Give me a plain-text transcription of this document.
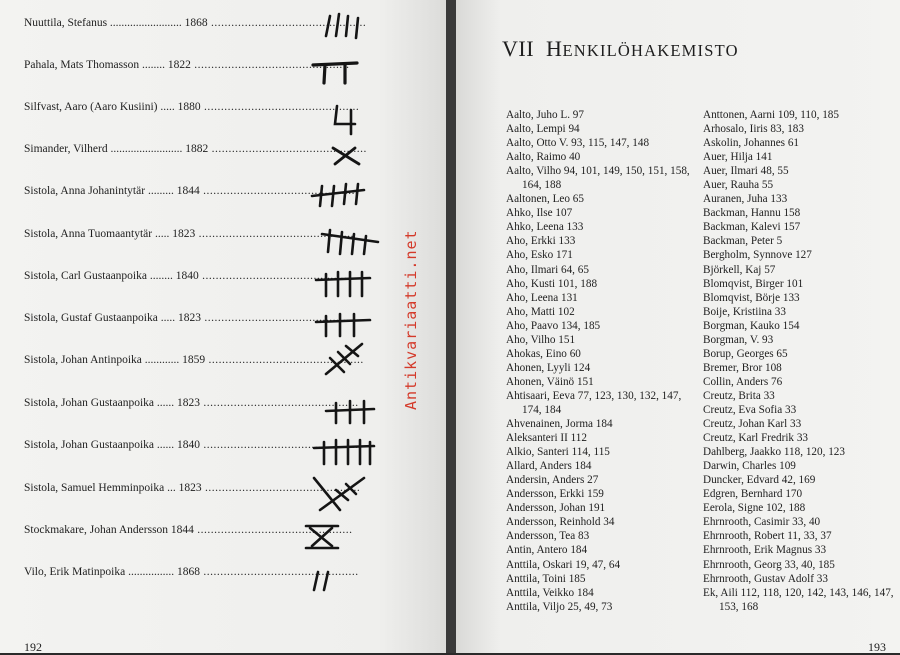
Nuuttila, Stefanus ......................... 1868 ..............................................
Pahala, Mats Thomasson ........ 1822 ..............................................
Silfvast, Aaro (Aaro Kusiini) ..... 1880 ..............................................
Simander, Vilherd ......................... 1882 ..............................................
Sistola, Anna Johanintytär ......... 1844 ..............................................
Sistola, Anna Tuomaantytär ..... 1823 ..............................................
Sistola, Carl Gustaanpoika ........ 1840 ..............................................
Sistola, Gustaf Gustaanpoika ..... 1823 ..............................................
Sistola, Johan Antinpoika ............ 1859 ..............................................
Sistola, Johan Gustaanpoika ...... 1823 ..............................................
Sistola, Johan Gustaanpoika ...... 1840 ..............................................
Sistola, Samuel Hemminpoika ... 1823 ..............................................
Stockmakare, Johan Andersson
1844 ..............................................
Vilo, Erik Matinpoika ................ 1868 ..............................................
192
Antikvariaatti.net
VII HENKILÖHAKEMISTO
Aalto, Juho L. 97
Aalto, Lempi 94
Aalto, Otto V. 93, 115, 147, 148
Aalto, Raimo 40
Aalto, Vilho 94, 101, 149, 150, 151, 158,
164, 188
Aaltonen, Leo 65
Ahko, Ilse 107
Ahko, Leena 133
Aho, Erkki 133
Aho, Esko 171
Aho, Ilmari 64, 65
Aho, Kusti 101, 188
Aho, Leena 131
Aho, Matti 102
Aho, Paavo 134, 185
Aho, Vilho 151
Ahokas, Eino 60
Ahonen, Lyyli 124
Ahonen, Väinö 151
Ahtisaari, Eeva 77, 123, 130, 132, 147,
174, 184
Ahvenainen, Jorma 184
Aleksanteri II 112
Alkio, Santeri 114, 115
Allard, Anders 184
Andersin, Anders 27
Andersson, Erkki 159
Andersson, Johan 191
Andersson, Reinhold 34
Andersson, Tea 83
Antin, Antero 184
Anttila, Oskari 19, 47, 64
Anttila, Toini 185
Anttila, Veikko 184
Anttila, Viljo 25, 49, 73
Anttonen, Aarni 109, 110, 185
Arhosalo, Iiris 83, 183
Askolin, Johannes 61
Auer, Hilja 141
Auer, Ilmari 48, 55
Auer, Rauha 55
Auranen, Juha 133
Backman, Hannu 158
Backman, Kalevi 157
Backman, Peter 5
Bergholm, Synnove 127
Björkell, Kaj 57
Blomqvist, Birger 101
Blomqvist, Börje 133
Boije, Kristiina 33
Borgman, Kauko 154
Borgman, V. 93
Borup, Georges 65
Bremer, Bror 108
Collin, Anders 76
Creutz, Brita 33
Creutz, Eva Sofia 33
Creutz, Johan Karl 33
Creutz, Karl Fredrik 33
Dahlberg, Jaakko 118, 120, 123
Darwin, Charles 109
Duncker, Edvard 42, 169
Edgren, Bernhard 170
Eerola, Signe 102, 188
Ehrnrooth, Casimir 33, 40
Ehrnrooth, Robert 11, 33, 37
Ehrnrooth, Erik Magnus 33
Ehrnrooth, Georg 33, 40, 185
Ehrnrooth, Gustav Adolf 33
Ek, Aili 112, 118, 120, 142, 143, 146, 147,
153, 168
193
